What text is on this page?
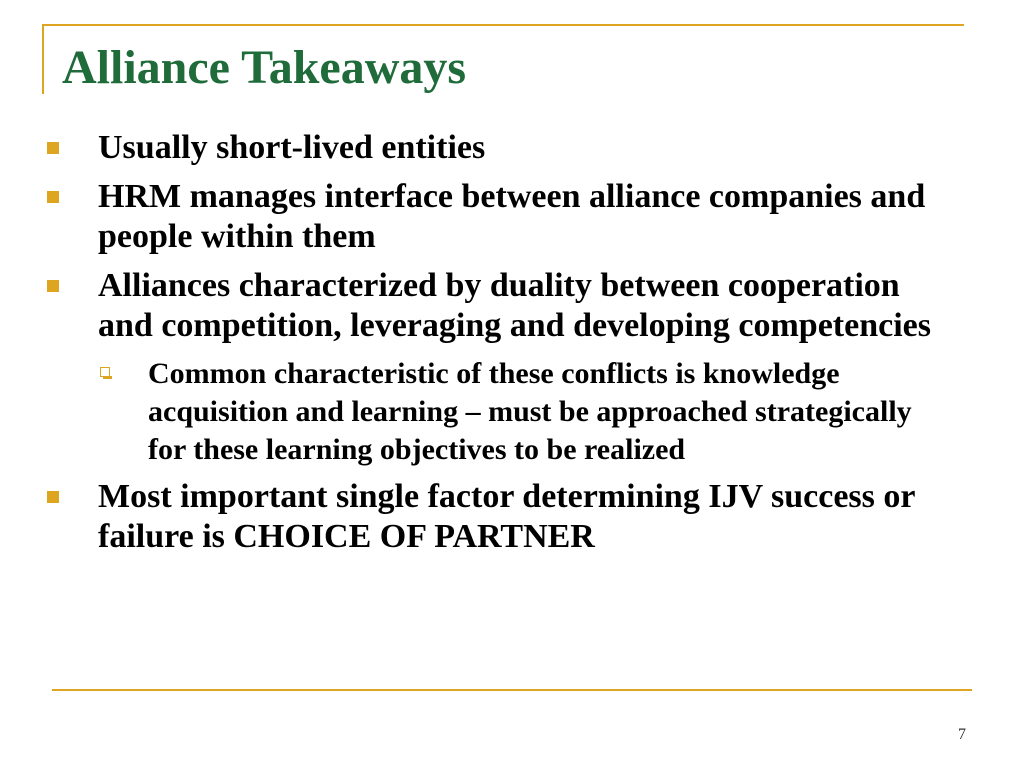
Alliance Takeaways
Usually short-lived entities
HRM manages interface between alliance companies and people within them
Alliances characterized by duality between cooperation and competition, leveraging and developing competencies
Common characteristic of these conflicts is knowledge acquisition and learning – must be approached strategically for these learning objectives to be realized
Most important single factor determining IJV success or failure is CHOICE OF PARTNER
7
